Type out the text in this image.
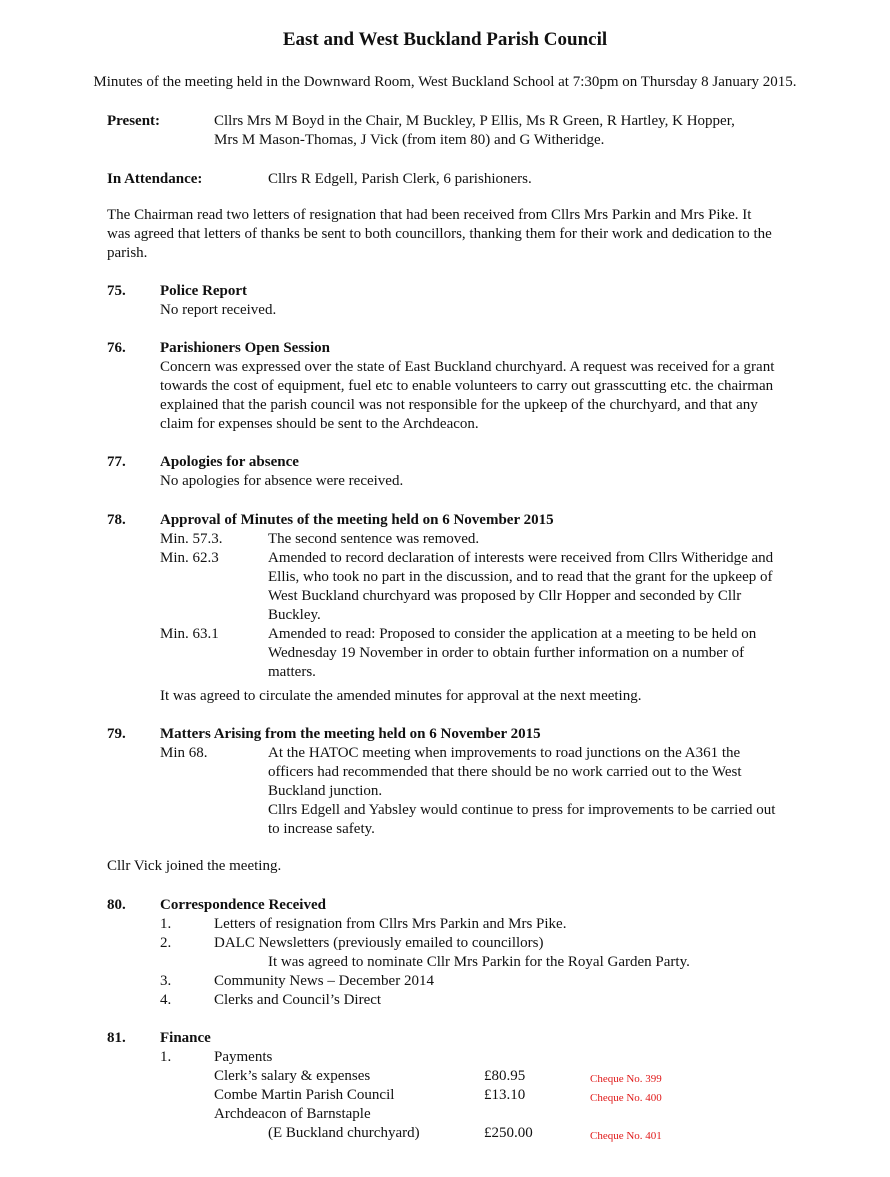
East and West Buckland Parish Council
Minutes of the meeting held in the Downward Room, West Buckland School at 7:30pm on Thursday 8 January 2015.
Present:	Cllrs Mrs M Boyd in the Chair, M Buckley, P Ellis, Ms R Green, R Hartley, K Hopper,
Mrs M Mason-Thomas, J Vick (from item 80) and G Witheridge.
In Attendance:	Cllrs R Edgell, Parish Clerk, 6 parishioners.
The Chairman read two letters of resignation that had been received from Cllrs Mrs Parkin and Mrs Pike. It
was agreed that letters of thanks be sent to both councillors, thanking them for their work and dedication to the
parish.
75. Police Report
No report received.
76. Parishioners Open Session
Concern was expressed over the state of East Buckland churchyard. A request was received for a grant
towards the cost of equipment, fuel etc to enable volunteers to carry out grasscutting etc. the chairman
explained that the parish council was not responsible for the upkeep of the churchyard, and that any
claim for expenses should be sent to the Archdeacon.
77. Apologies for absence
No apologies for absence were received.
78. Approval of Minutes of the meeting held on 6 November 2015
Min. 57.3.	The second sentence was removed.
Min. 62.3	Amended to record declaration of interests were received from Cllrs Witheridge and
Ellis, who took no part in the discussion, and to read that the grant for the upkeep of
West Buckland churchyard was proposed by Cllr Hopper and seconded by Cllr
Buckley.
Min. 63.1	Amended to read: Proposed to consider the application at a meeting to be held on
Wednesday 19 November in order to obtain further information on a number of
matters.
It was agreed to circulate the amended minutes for approval at the next meeting.
79. Matters Arising from the meeting held on 6 November 2015
Min 68.	At the HATOC meeting when improvements to road junctions on the A361 the
officers had recommended that there should be no work carried out to the West
Buckland junction.
Cllrs Edgell and Yabsley would continue to press for improvements to be carried out
to increase safety.
Cllr Vick joined the meeting.
80. Correspondence Received
1.	Letters of resignation from Cllrs Mrs Parkin and Mrs Pike.
2.	DALC Newsletters (previously emailed to councillors)
It was agreed to nominate Cllr Mrs Parkin for the Royal Garden Party.
3.	Community News – December 2014
4.	Clerks and Council’s Direct
81. Finance
1.	Payments
Clerk’s salary & expenses	£80.95	Cheque No. 399
Combe Martin Parish Council	£13.10	Cheque No. 400
Archdeacon of Barnstaple
(E Buckland churchyard)	£250.00	Cheque No. 401
